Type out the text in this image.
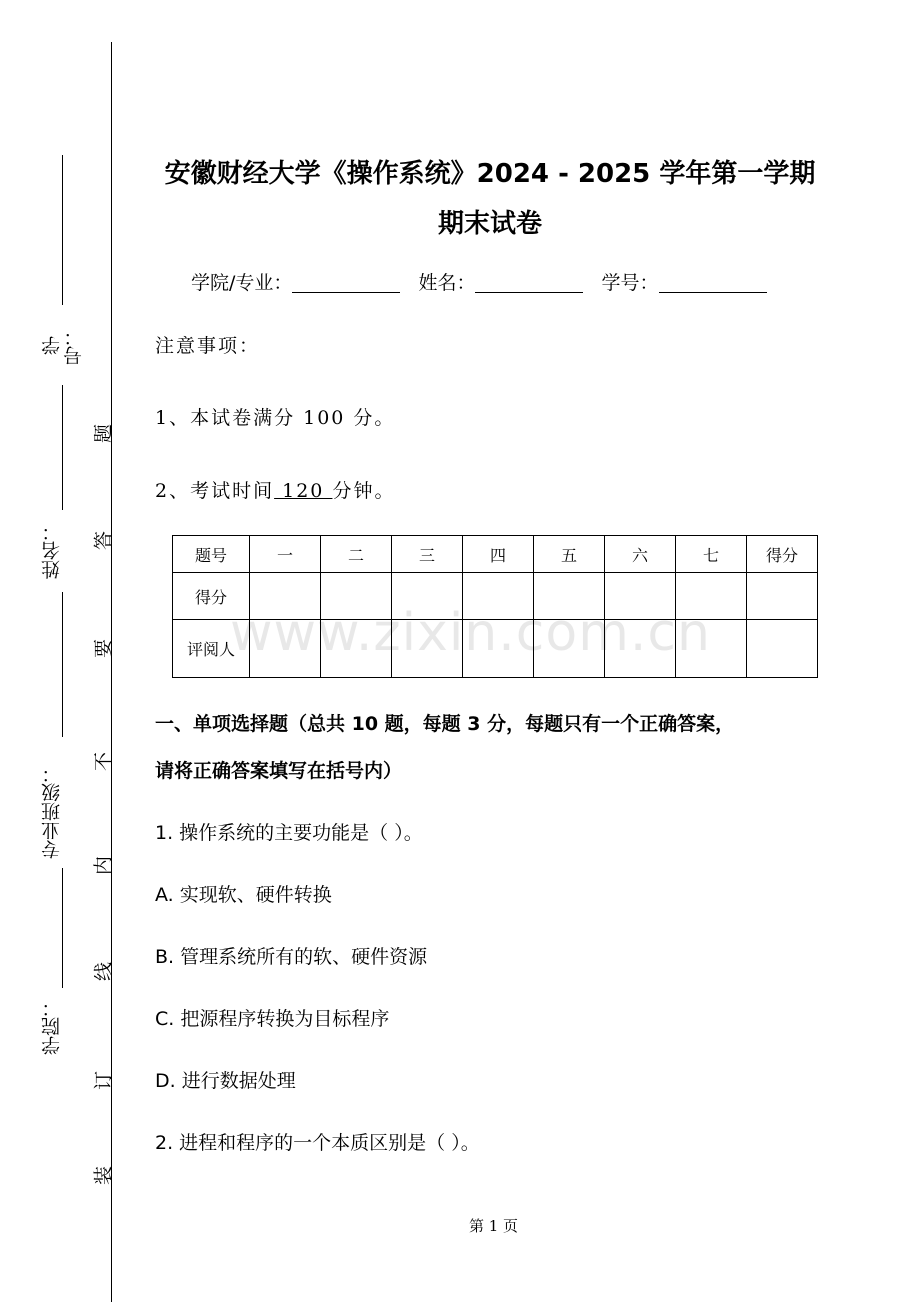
学号：
姓名：
专业班级：
学院：
题
答
要
不
内
线
订
装
安徽财经大学《操作系统》2024 - 2025 学年第一学期
期末试卷
学院/专业：	姓名：	学号：
注意事项：
1、本试卷满分 100 分。
2、考试时间 120 分钟。
www.zixin.com.cn
题号	一	二	三	四	五	六	七	得分
得分								
评阅人								
一、单项选择题（总共 10 题，每题 3 分，每题只有一个正确答案，
请将正确答案填写在括号内）
1. 操作系统的主要功能是（ ）。
A. 实现软、硬件转换
B. 管理系统所有的软、硬件资源
C. 把源程序转换为目标程序
D. 进行数据处理
2. 进程和程序的一个本质区别是（ ）。
第 1 页
